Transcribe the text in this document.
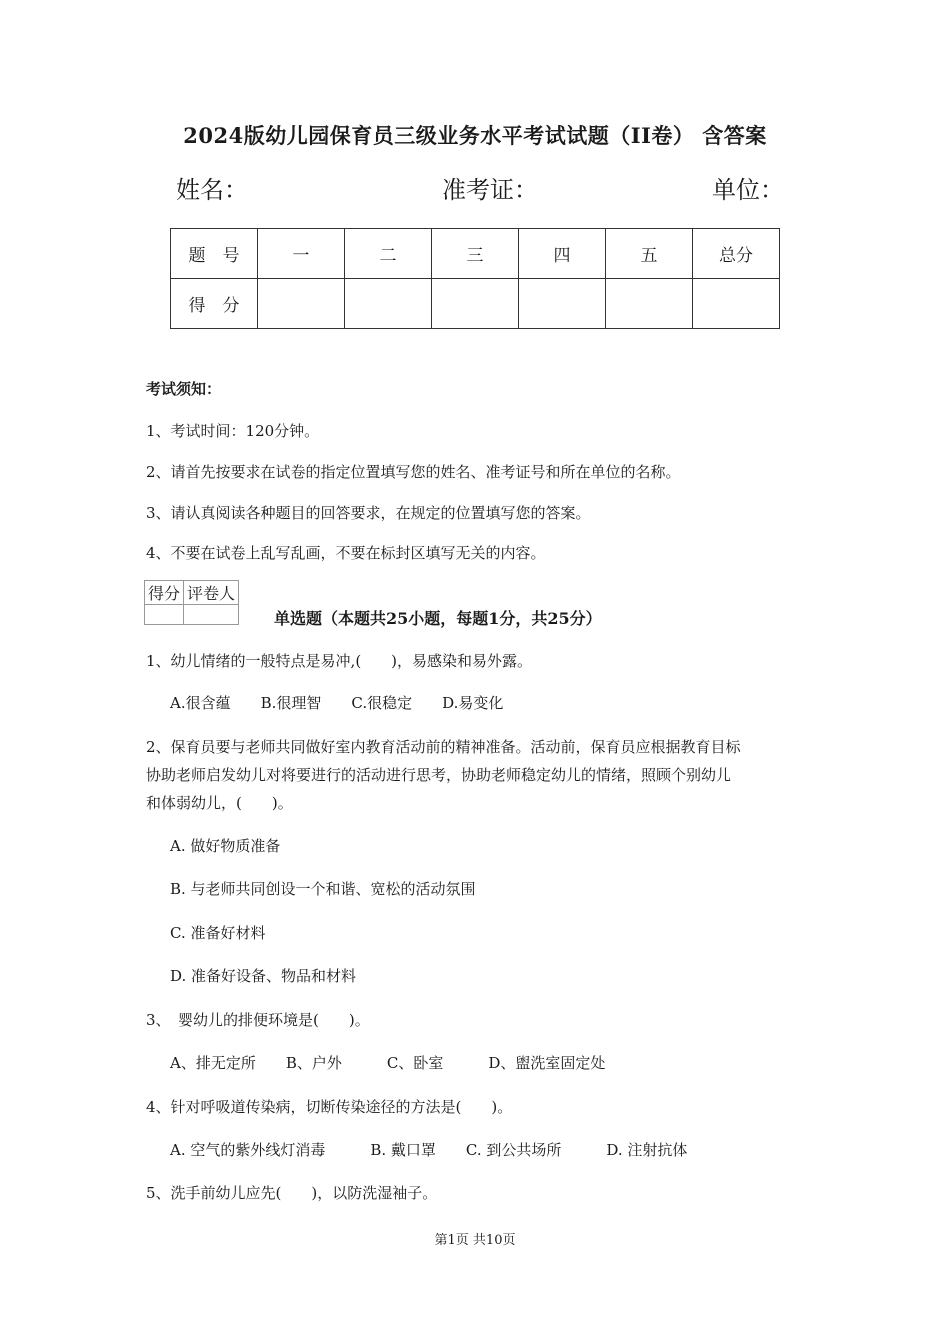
2024版幼儿园保育员三级业务水平考试试题（II卷） 含答案
姓名：	准考证：	单位：
题　号	一	二	三	四	五	总分
得　分						
考试须知：
1、考试时间：120分钟。
2、请首先按要求在试卷的指定位置填写您的姓名、准考证号和所在单位的名称。
3、请认真阅读各种题目的回答要求，在规定的位置填写您的答案。
4、不要在试卷上乱写乱画，不要在标封区填写无关的内容。
得分	评卷人

单选题（本题共25小题，每题1分，共25分）
1、幼儿情绪的一般特点是易冲,(　　)，易感染和易外露。
A.很含蕴　　B.很理智　　C.很稳定　　D.易变化
2、保育员要与老师共同做好室内教育活动前的精神准备。活动前，保育员应根据教育目标
协助老师启发幼儿对将要进行的活动进行思考，协助老师稳定幼儿的情绪，照顾个别幼儿
和体弱幼儿，(　　)。
A. 做好物质准备
B. 与老师共同创设一个和谐、宽松的活动氛围
C. 准备好材料
D. 准备好设备、物品和材料
3、　婴幼儿的排便环境是(　　)。
A、排无定所　　B、户外　　　C、卧室　　　D、盥洗室固定处
4、针对呼吸道传染病，切断传染途径的方法是(　　)。
A. 空气的紫外线灯消毒　　　B. 戴口罩　　C. 到公共场所　　　D. 注射抗体
5、洗手前幼儿应先(　　)，以防洗湿袖子。
第1页 共10页
